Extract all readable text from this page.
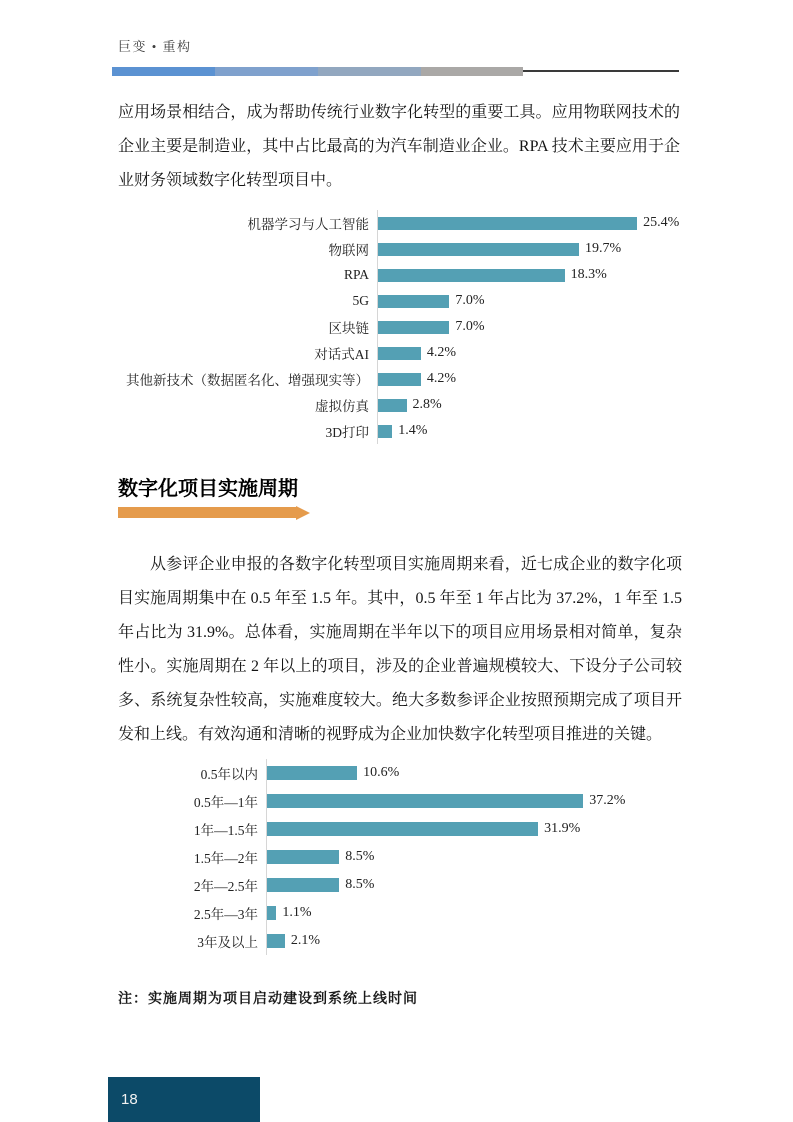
巨变 • 重构

应用场景相结合，成为帮助传统行业数字化转型的重要工具。应用物联网技术的企业主要是制造业，其中占比最高的为汽车制造业企业。RPA 技术主要应用于企业财务领域数字化转型项目中。

机器学习与人工智能	25.4%
物联网	19.7%
RPA	18.3%
5G	7.0%
区块链	7.0%
对话式AI	4.2%
其他新技术（数据匿名化、增强现实等）	4.2%
虚拟仿真	2.8%
3D打印	1.4%
数字化项目实施周期

从参评企业申报的各数字化转型项目实施周期来看，近七成企业的数字化项目实施周期集中在 0.5 年至 1.5 年。其中，0.5 年至 1 年占比为 37.2%，1 年至 1.5 年占比为 31.9%。总体看，实施周期在半年以下的项目应用场景相对简单，复杂性小。实施周期在 2 年以上的项目，涉及的企业普遍规模较大、下设分子公司较多、系统复杂性较高，实施难度较大。绝大多数参评企业按照预期完成了项目开发和上线。有效沟通和清晰的视野成为企业加快数字化转型项目推进的关键。

0.5年以内	10.6%
0.5年—1年	37.2%
1年—1.5年	31.9%
1.5年—2年	8.5%
2年—2.5年	8.5%
2.5年—3年	1.1%
3年及以上	2.1%

注：实施周期为项目启动建设到系统上线时间

18
